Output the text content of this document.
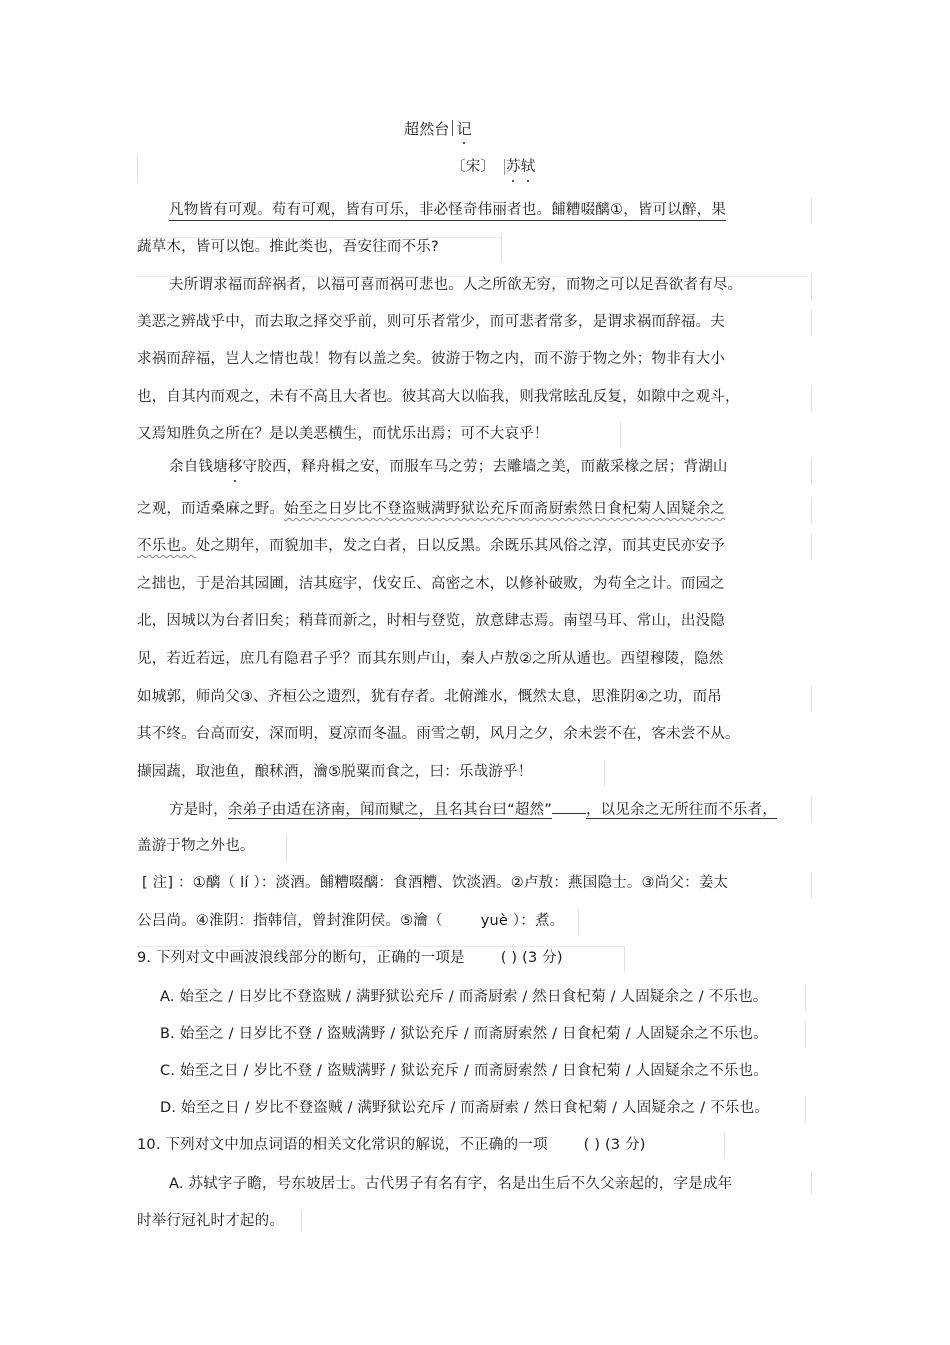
超然台 记
〔宋〕 苏轼
凡物皆有可观。苟有可观，皆有可乐，非必怪奇伟丽者也。餔糟啜醨①，皆可以醉，果
蔬草木，皆可以饱。推此类也，吾安往而不乐?
夫所谓求福而辞祸者，以福可喜而祸可悲也。人之所欲无穷，而物之可以足吾欲者有尽。
美恶之辨战乎中，而去取之择交乎前，则可乐者常少，而可悲者常多，是谓求祸而辞福。夫
求祸而辞福，岂人之情也哉！物有以盖之矣。彼游于物之内，而不游于物之外；物非有大小
也，自其内而观之，未有不高且大者也。彼其高大以临我，则我常眩乱反复，如隙中之观斗，
又焉知胜负之所在？是以美恶横生，而忧乐出焉；可不大哀乎！
余自钱塘移守胶西，释舟楫之安，而服车马之劳；去雕墙之美，而蔽采椽之居；背湖山
之观，而适桑麻之野。始至之日岁比不登盗贼满野狱讼充斥而斋厨索然日食杞菊人固疑余之
不乐也。处之期年，而貌加丰，发之白者，日以反黑。余既乐其风俗之淳，而其吏民亦安予
之拙也，于是治其园圃，洁其庭宇，伐安丘、高密之木，以修补破败，为苟全之计。而园之
北，因城以为台者旧矣；稍葺而新之，时相与登览，放意肆志焉。南望马耳、常山，出没隐
见，若近若远，庶几有隐君子乎？而其东则卢山，秦人卢敖②之所从遁也。西望穆陵，隐然
如城郭，师尚父③、齐桓公之遗烈，犹有存者。北俯潍水，慨然太息，思淮阴④之功，而吊
其不终。台高而安，深而明，夏凉而冬温。雨雪之朝，风月之夕，余未尝不在，客未尝不从。
撷园蔬，取池鱼，酿秫酒，瀹⑤脱粟而食之，曰：乐哉游乎！
方是时，余弟子由适在济南，闻而赋之，且名其台曰“超然” ，以见余之无所往而不乐者，
盖游于物之外也。
[ 注] ：①醨（ lí ）：淡酒。餔糟啜醨：食酒糟、饮淡酒。②卢敖：燕国隐士。③尚父：姜太
公吕尚。④淮阴：指韩信，曾封淮阴侯。⑤瀹（	yuè ）：煮。
9. 下列对文中画波浪线部分的断句，正确的一项是 ( ) (3 分)
A. 始至之 / 日岁比不登盗贼 / 满野狱讼充斥 / 而斋厨索 / 然日食杞菊 / 人固疑余之 / 不乐也。
B. 始至之 / 日岁比不登 / 盗贼满野 / 狱讼充斥 / 而斋厨索然 / 日食杞菊 / 人固疑余之不乐也。
C. 始至之日 / 岁比不登 / 盗贼满野 / 狱讼充斥 / 而斋厨索然 / 日食杞菊 / 人固疑余之不乐也。
D. 始至之日 / 岁比不登盗贼 / 满野狱讼充斥 / 而斋厨索 / 然日食杞菊 / 人固疑余之 / 不乐也。
10. 下列对文中加点词语的相关文化常识的解说，不正确的一项 ( ) (3 分)
A. 苏轼字子瞻，号东坡居士。古代男子有名有字，名是出生后不久父亲起的，字是成年
时举行冠礼时才起的。
